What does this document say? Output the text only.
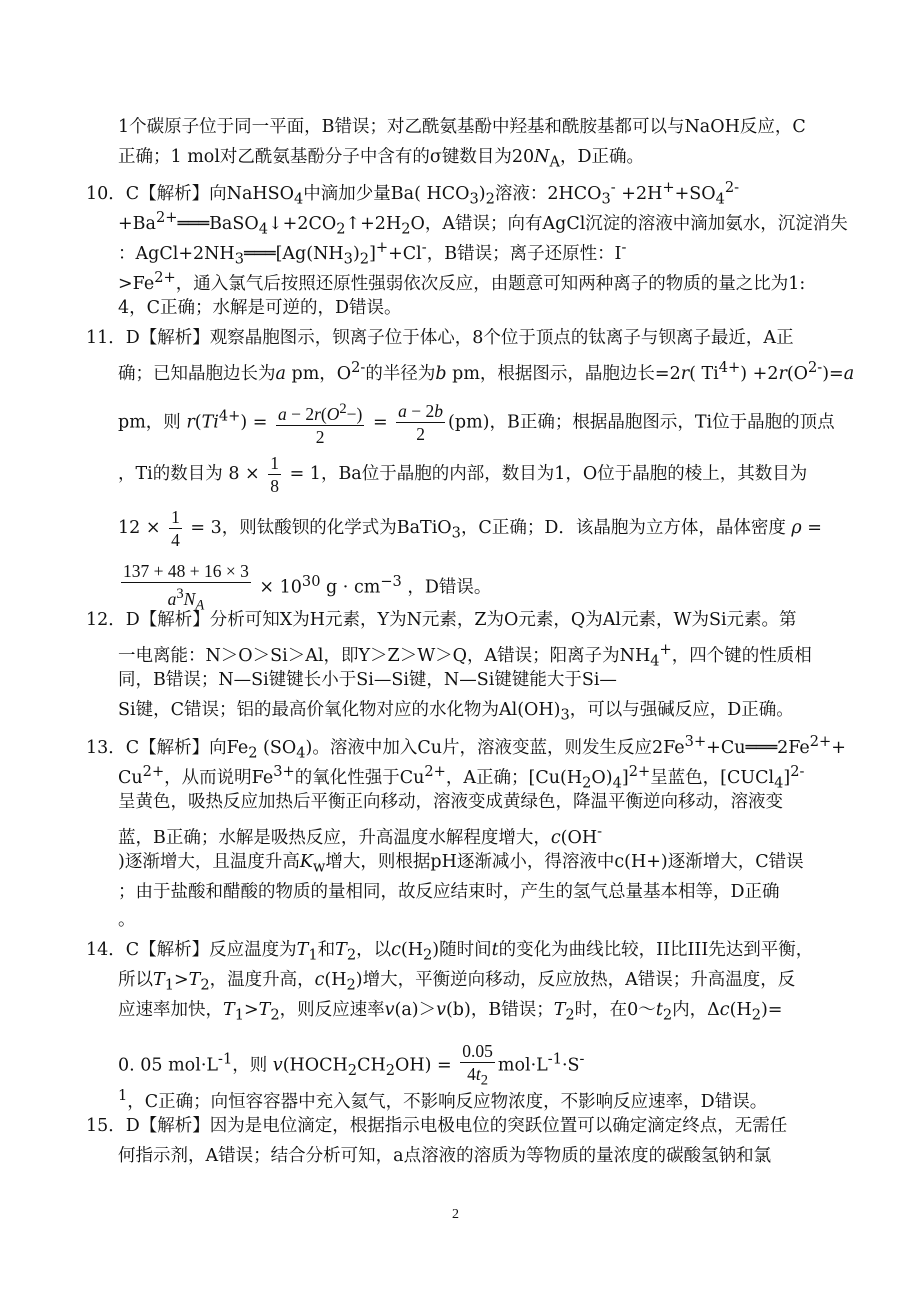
1个碳原子位于同一平面，B错误；对乙酰氨基酚中羟基和酰胺基都可以与NaOH反应，C
正确；1 mol对乙酰氨基酚分子中含有的σ键数目为$20N_A$，D正确。
10．C【解析】向NaHSO$_4$中滴加少量Ba( $HCO_3)_2$溶液：$2HCO_3^- +2H^++SO_4^{2-}$
$+Ba^{2+}═══BaSO_4↓+2CO_2↑+2H_2O$，A错误；向有AgCl沉淀的溶液中滴加氨水，沉淀消失
：$AgCl+2NH_3═══[Ag(NH_3)_2]^++Cl^-$，B错误；离子还原性：I-
$>Fe^{2+}$，通入氯气后按照还原性强弱依次反应，由题意可知两种离子的物质的量之比为1:
4，C正确；水解是可逆的，D错误。
11．D【解析】观察晶胞图示，钡离子位于体心，8个位于顶点的钛离子与钡离子最近，A正
确；已知晶胞边长为a pm，$O^{2-}$的半径为b pm，根据图示，晶胞边长=2r( $Ti^{4+}) +2r(O^{2-})=a$
pm，则 $r(Ti^{4+}) = \frac{a - 2r(O^2-)}{2} = \frac{a - 2b}{2} (pm)$，B正确；根据晶胞图示，Ti位于晶胞的顶点
，Ti的数目为 $8 \times \frac{1}{8} = 1$，Ba位于晶胞的内部，数目为1，O位于晶胞的棱上，其数目为
$12 \times \frac{1}{4} = 3$，则钛酸钡的化学式为BaTiO$_3$，C正确；D．该晶胞为立方体，晶体密度 ρ =
$\frac{137 + 48 + 16 \times 3}{a^3N_A} \times 10^{30}$ $g \cdot cm^{-3}$ ，D错误。
12．D【解析】分析可知X为H元素，Y为N元素，Z为O元素，Q为Al元素，W为Si元素。第
一电离能：N＞O＞Si＞Al，即Y＞Z＞W＞Q，A错误；阳离子为$NH_4^+$，四个键的性质相
同，B错误；N—Si键键长小于Si—Si键，N—Si键键能大于Si—
Si键，C错误；铝的最高价氧化物对应的水化物为$Al(OH)_3$，可以与强碱反应，D正确。
13．C【解析】向$Fe_2$ $(SO_4)$。溶液中加入Cu片，溶液变蓝，则发生反应$2Fe^{3+}+Cu═══2Fe^{2+}+$
$Cu^{2+}$，从而说明$Fe^{3+}$的氧化性强于$Cu^{2+}$，A正确；$[Cu(H_2O)_4]^{2+}$呈蓝色，[CUCl$_4$]$^{2-}$
呈黄色，吸热反应加热后平衡正向移动，溶液变成黄绿色，降温平衡逆向移动，溶液变
蓝，B正确；水解是吸热反应，升高温度水解程度增大，c(OH-
)逐渐增大，且温度升高$K_w$增大，则根据pH逐渐减小，得溶液中c(H+)逐渐增大，C错误
；由于盐酸和醋酸的物质的量相同，故反应结束时，产生的氢气总量基本相等，D正确
。
14．C【解析】反应温度为$T_1$和$T_2$，以$c(H_2)$随时间t的变化为曲线比较，II比III先达到平衡，
所以$T_1>T_2$，温度升高，$c(H_2)$增大，平衡逆向移动，反应放热，A错误；升高温度，反
应速率加快，$T_1>T_2$，则反应速率v(a)＞v(b)，B错误；$T_2$时，在$0\sim t_2$内，$\Delta c(H_2)=$
0. 05 $mol\cdot L^{-1}$，则 $v(HOCH_2CH_2OH) = \frac{0.05}{4t_2} mol\cdot L^{-1}\cdot S^-$
$^1$，C正确；向恒容容器中充入氦气，不影响反应物浓度，不影响反应速率，D错误。
15．D【解析】因为是电位滴定，根据指示电极电位的突跃位置可以确定滴定终点，无需任
何指示剂，A错误；结合分析可知，a点溶液的溶质为等物质的量浓度的碳酸氢钠和氯
2
